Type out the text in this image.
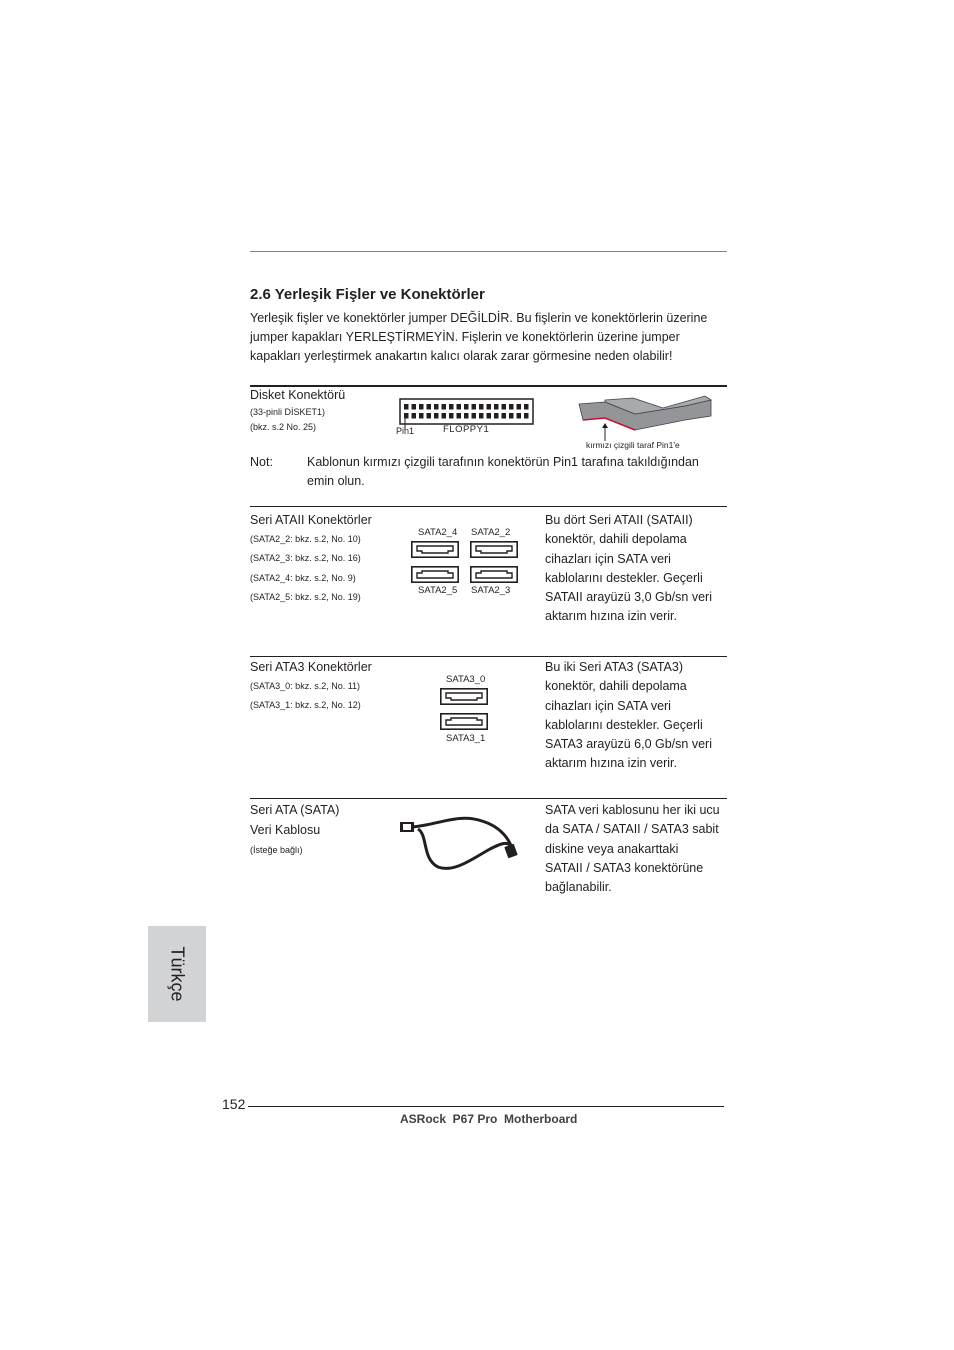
2.6 Yerleşik Fişler ve Konektörler
Yerleşik fişler ve konektörler jumper DEĞİLDİR. Bu fişlerin ve konektörlerin üzerine jumper kapakları YERLEŞTİRMEYİN. Fişlerin ve konektörlerin üzerine jumper kapakları yerleştirmek anakartın kalıcı olarak zarar görmesine neden olabilir!
Disket Konektörü
(33-pinli DİSKET1)
(bkz. s.2 No. 25)	Pin1	FLOPPY1
kırmızı çizgili taraf Pin1'e
Not:	Kablonun kırmızı çizgili tarafının konektörün Pin1 tarafına takıldığından emin olun.
Seri ATAII Konektörler
(SATA2_2: bkz. s.2, No. 10)
(SATA2_3: bkz. s.2, No. 16)
(SATA2_4: bkz. s.2, No. 9)
(SATA2_5: bkz. s.2, No. 19)
SATA2_4 SATA2_2
SATA2_5 SATA2_3
Bu dört Seri ATAII (SATAII)
konektör, dahili depolama
cihazları için SATA veri
kablolarını destekler. Geçerli
SATAII arayüzü 3,0 Gb/sn veri
aktarım hızına izin verir.
Seri ATA3 Konektörler
(SATA3_0: bkz. s.2, No. 11)
(SATA3_1: bkz. s.2, No. 12)
SATA3_0
SATA3_1
Bu iki Seri ATA3 (SATA3)
konektör, dahili depolama
cihazları için SATA veri
kablolarını destekler. Geçerli
SATA3 arayüzü 6,0 Gb/sn veri
aktarım hızına izin verir.
Seri ATA (SATA)
Veri Kablosu
(İsteğe bağlı)
SATA veri kablosunu her iki ucu
da SATA / SATAII / SATA3 sabit
diskine veya anakarttaki
SATAII / SATA3 konektörüne
bağlanabilir.
Türkçe
152
ASRock  P67 Pro  Motherboard
